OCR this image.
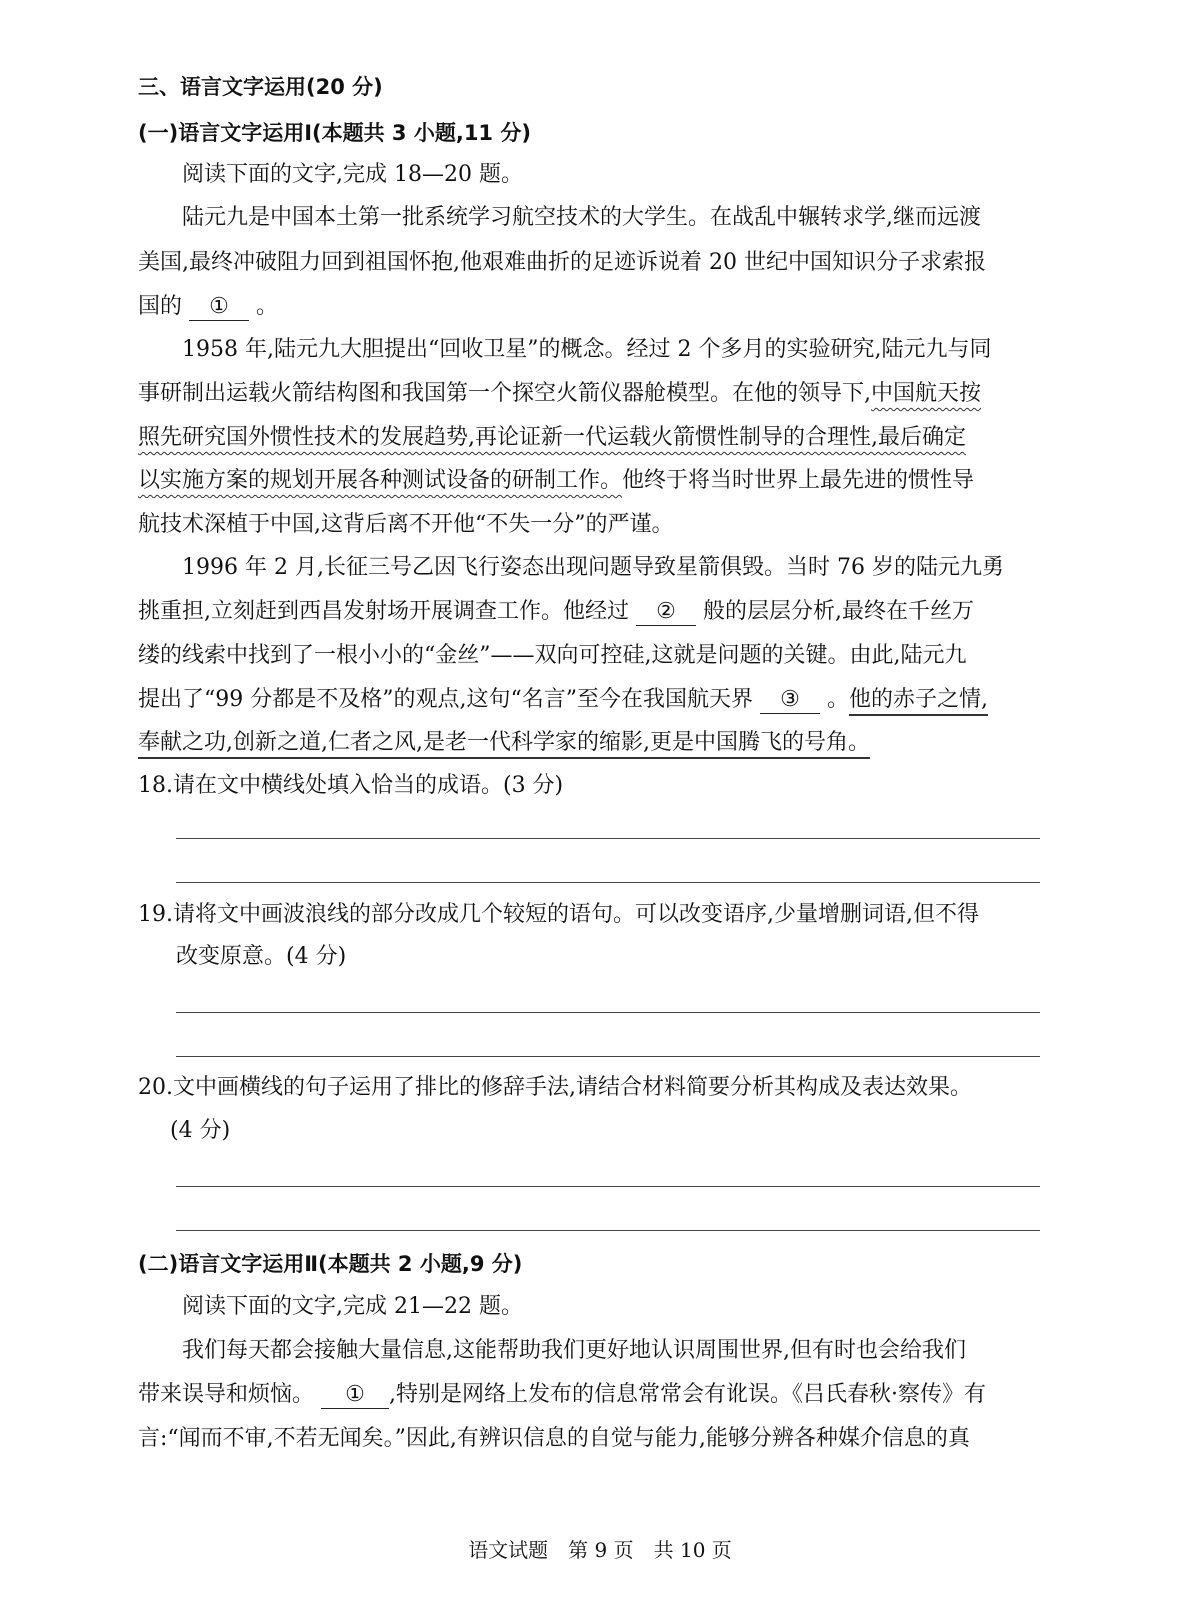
三、语言文字运用(20 分)
(一)语言文字运用Ⅰ(本题共 3 小题,11 分)
阅读下面的文字,完成 18—20 题。
陆元九是中国本土第一批系统学习航空技术的大学生。在战乱中辗转求学,继而远渡
美国,最终冲破阻力回到祖国怀抱,他艰难曲折的足迹诉说着 20 世纪中国知识分子求索报
国的 ① 。
1958 年,陆元九大胆提出“回收卫星”的概念。经过 2 个多月的实验研究,陆元九与同
事研制出运载火箭结构图和我国第一个探空火箭仪器舱模型。在他的领导下,中国航天按
照先研究国外惯性技术的发展趋势,再论证新一代运载火箭惯性制导的合理性,最后确定
以实施方案的规划开展各种测试设备的研制工作。他终于将当时世界上最先进的惯性导
航技术深植于中国,这背后离不开他“不失一分”的严谨。
1996 年 2 月,长征三号乙因飞行姿态出现问题导致星箭俱毁。当时 76 岁的陆元九勇
挑重担,立刻赶到西昌发射场开展调查工作。他经过 ② 般的层层分析,最终在千丝万
缕的线索中找到了一根小小的“金丝”——双向可控硅,这就是问题的关键。由此,陆元九
提出了“99 分都是不及格”的观点,这句“名言”至今在我国航天界 ③ 。他的赤子之情,
奉献之功,创新之道,仁者之风,是老一代科学家的缩影,更是中国腾飞的号角。
18.请在文中横线处填入恰当的成语。(3 分)
19.请将文中画波浪线的部分改成几个较短的语句。可以改变语序,少量增删词语,但不得
改变原意。(4 分)
20.文中画横线的句子运用了排比的修辞手法,请结合材料简要分析其构成及表达效果。
(4 分)
(二)语言文字运用Ⅱ(本题共 2 小题,9 分)
阅读下面的文字,完成 21—22 题。
我们每天都会接触大量信息,这能帮助我们更好地认识周围世界,但有时也会给我们
带来误导和烦恼。 ① ,特别是网络上发布的信息常常会有讹误。《吕氏春秋·察传》有
言:“闻而不审,不若无闻矣。”因此,有辨识信息的自觉与能力,能够分辨各种媒介信息的真
语文试题　第 9 页　共 10 页
